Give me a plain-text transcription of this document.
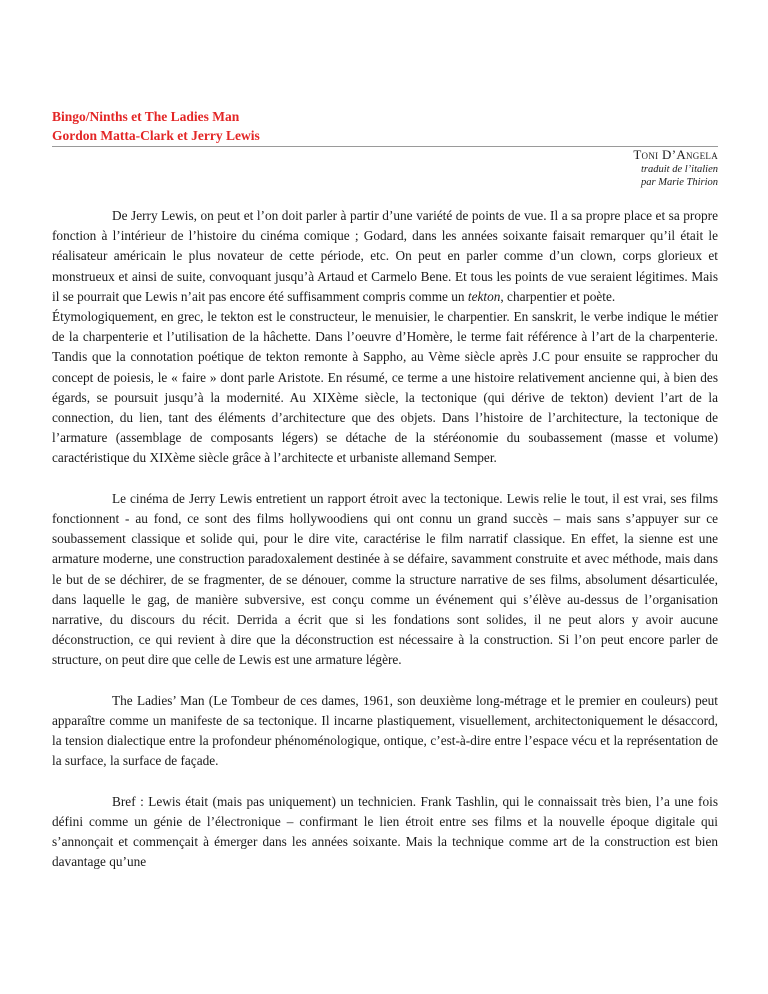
Bingo/Ninths et The Ladies Man
Gordon Matta-Clark et Jerry Lewis
Toni D’Angela
traduit de l’italien
par Marie Thirion

De Jerry Lewis, on peut et l’on doit parler à partir d’une variété de points de vue. Il a sa propre place et sa propre fonction à l’intérieur de l’histoire du cinéma comique ; Godard, dans les années soixante faisait remarquer qu’il était le réalisateur américain le plus novateur de cette période, etc. On peut en parler comme d’un clown, corps glorieux et monstrueux et ainsi de suite, convoquant jusqu’à Artaud et Carmelo Bene. Et tous les points de vue seraient légitimes. Mais il se pourrait que Lewis n’ait pas encore été suffisamment compris comme un tekton, charpentier et poète.

Étymologiquement, en grec, le tekton est le constructeur, le menuisier, le charpentier. En sanskrit, le verbe indique le métier de la charpenterie et l’utilisation de la hâchette. Dans l’oeuvre d’Homère, le terme fait référence à l’art de la charpenterie. Tandis que la connotation poétique de tekton remonte à Sappho, au Vème siècle après J.C pour ensuite se rapprocher du concept de poiesis, le « faire » dont parle Aristote. En résumé, ce terme a une histoire relativement ancienne qui, à bien des égards, se poursuit jusqu’à la modernité. Au XIXème siècle, la tectonique (qui dérive de tekton) devient l’art de la connection, du lien, tant des éléments d’architecture que des objets. Dans l’histoire de l’architecture, la tectonique de l’armature (assemblage de composants légers) se détache de la stéréonomie du soubassement (masse et volume) caractéristique du XIXème siècle grâce à l’architecte et urbaniste allemand Semper.

Le cinéma de Jerry Lewis entretient un rapport étroit avec la tectonique. Lewis relie le tout, il est vrai, ses films fonctionnent - au fond, ce sont des films hollywoodiens qui ont connu un grand succès – mais sans s’appuyer sur ce soubassement classique et solide qui, pour le dire vite, caractérise le film narratif classique. En effet, la sienne est une armature moderne, une construction paradoxalement destinée à se défaire, savamment construite et avec méthode, mais dans le but de se déchirer, de se fragmenter, de se dénouer, comme la structure narrative de ses films, absolument désarticulée, dans laquelle le gag, de manière subversive, est conçu comme un événement qui s’élève au-dessus de l’organisation narrative, du discours du récit. Derrida a écrit que si les fondations sont solides, il ne peut alors y avoir aucune déconstruction, ce qui revient à dire que la déconstruction est nécessaire à la construction. Si l’on peut encore parler de structure, on peut dire que celle de Lewis est une armature légère.

The Ladies’ Man (Le Tombeur de ces dames, 1961, son deuxième long-métrage et le premier en couleurs) peut apparaître comme un manifeste de sa tectonique. Il incarne plastiquement, visuellement, architectoniquement le désaccord, la tension dialectique entre la profondeur phénoménologique, ontique, c’est-à-dire entre l’espace vécu et la représentation de la surface, la surface de façade.

Bref : Lewis était (mais pas uniquement) un technicien. Frank Tashlin, qui le connaissait très bien, l’a une fois défini comme un génie de l’électronique – confirmant le lien étroit entre ses films et la nouvelle époque digitale qui s’annonçait et commençait à émerger dans les années soixante. Mais la technique comme art de la construction est bien davantage qu’une
